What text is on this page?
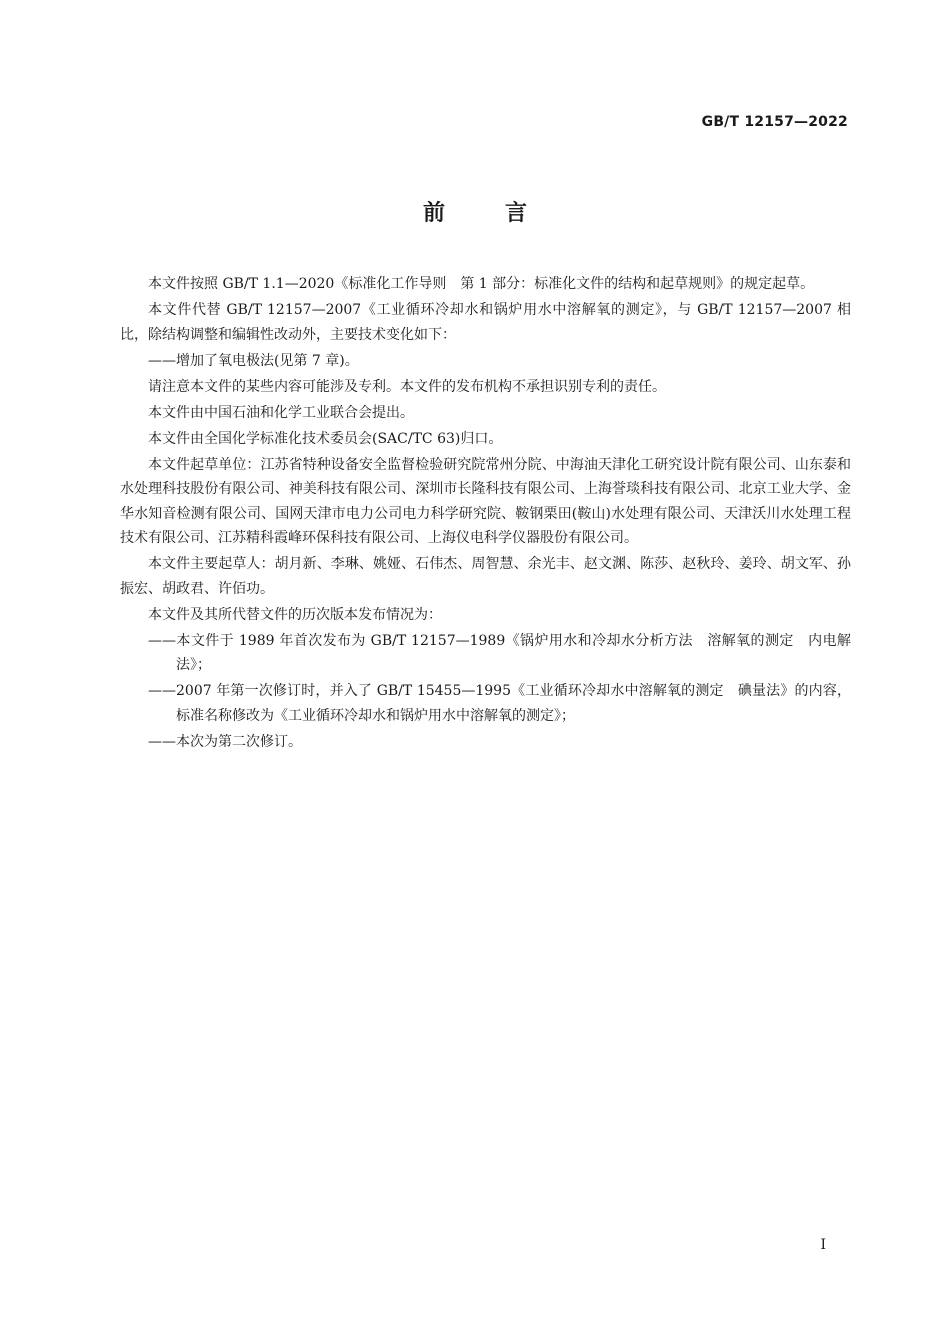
GB/T 12157—2022
前言

本文件按照 GB/T 1.1—2020《标准化工作导则　第 1 部分：标准化文件的结构和起草规则》的规定起草。

本文件代替 GB/T 12157—2007《工业循环冷却水和锅炉用水中溶解氧的测定》，与 GB/T 12157—2007 相比，除结构调整和编辑性改动外，主要技术变化如下：

——增加了氧电极法(见第 7 章)。

请注意本文件的某些内容可能涉及专利。本文件的发布机构不承担识别专利的责任。

本文件由中国石油和化学工业联合会提出。

本文件由全国化学标准化技术委员会(SAC/TC 63)归口。

本文件起草单位：江苏省特种设备安全监督检验研究院常州分院、中海油天津化工研究设计院有限公司、山东泰和水处理科技股份有限公司、神美科技有限公司、深圳市长隆科技有限公司、上海誉琰科技有限公司、北京工业大学、金华水知音检测有限公司、国网天津市电力公司电力科学研究院、鞍钢栗田(鞍山)水处理有限公司、天津沃川水处理工程技术有限公司、江苏精科霞峰环保科技有限公司、上海仪电科学仪器股份有限公司。

本文件主要起草人：胡月新、李琳、姚娅、石伟杰、周智慧、余光丰、赵文渊、陈莎、赵秋玲、姜玲、胡文军、孙振宏、胡政君、许佰功。

本文件及其所代替文件的历次版本发布情况为：

——本文件于 1989 年首次发布为 GB/T 12157—1989《锅炉用水和冷却水分析方法　溶解氧的测定　内电解法》；

——2007 年第一次修订时，并入了 GB/T 15455—1995《工业循环冷却水中溶解氧的测定　碘量法》的内容，标准名称修改为《工业循环冷却水和锅炉用水中溶解氧的测定》；

——本次为第二次修订。

I
